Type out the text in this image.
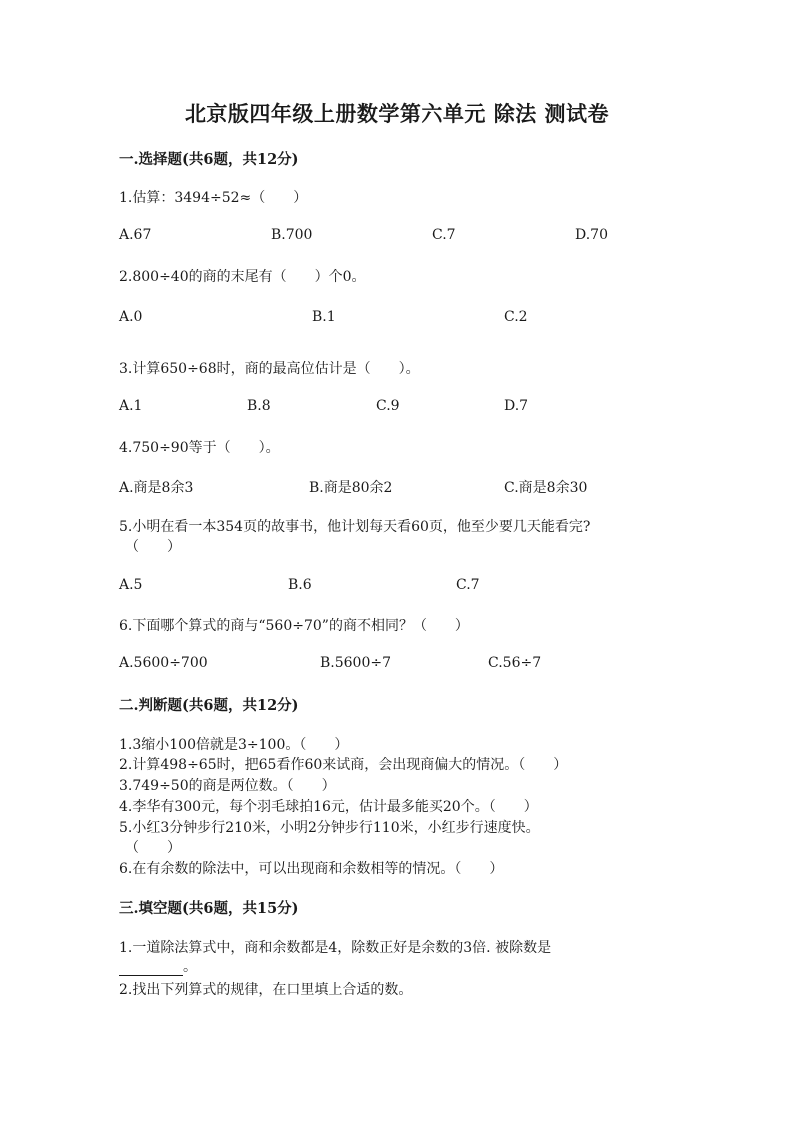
北京版四年级上册数学第六单元 除法 测试卷
一.选择题(共6题，共12分)
1.估算：3494÷52≈（　　）
A.67	B.700	C.7	D.70
2.800÷40的商的末尾有（　　）个0。
A.0	B.1	C.2
3.计算650÷68时，商的最高位估计是（　　）。
A.1	B.8	C.9	D.7
4.750÷90等于（　　）。
A.商是8余3	B.商是80余2	C.商是8余30
5.小明在看一本354页的故事书，他计划每天看60页，他至少要几天能看完?
（　　）
A.5	B.6	C.7
6.下面哪个算式的商与“560÷70”的商不相同？（　　）
A.5600÷700	B.5600÷7	C.56÷7
二.判断题(共6题，共12分)
1.3缩小100倍就是3÷100。（　　）
2.计算498÷65时，把65看作60来试商，会出现商偏大的情况。（　　）
3.749÷50的商是两位数。（　　）
4.李华有300元，每个羽毛球拍16元，估计最多能买20个。（　　）
5.小红3分钟步行210米，小明2分钟步行110米，小红步行速度快。
（　　）
6.在有余数的除法中，可以出现商和余数相等的情况。（　　）
三.填空题(共6题，共15分)
1.一道除法算式中，商和余数都是4，除数正好是余数的3倍. 被除数是
。
2.找出下列算式的规律，在口里填上合适的数。
